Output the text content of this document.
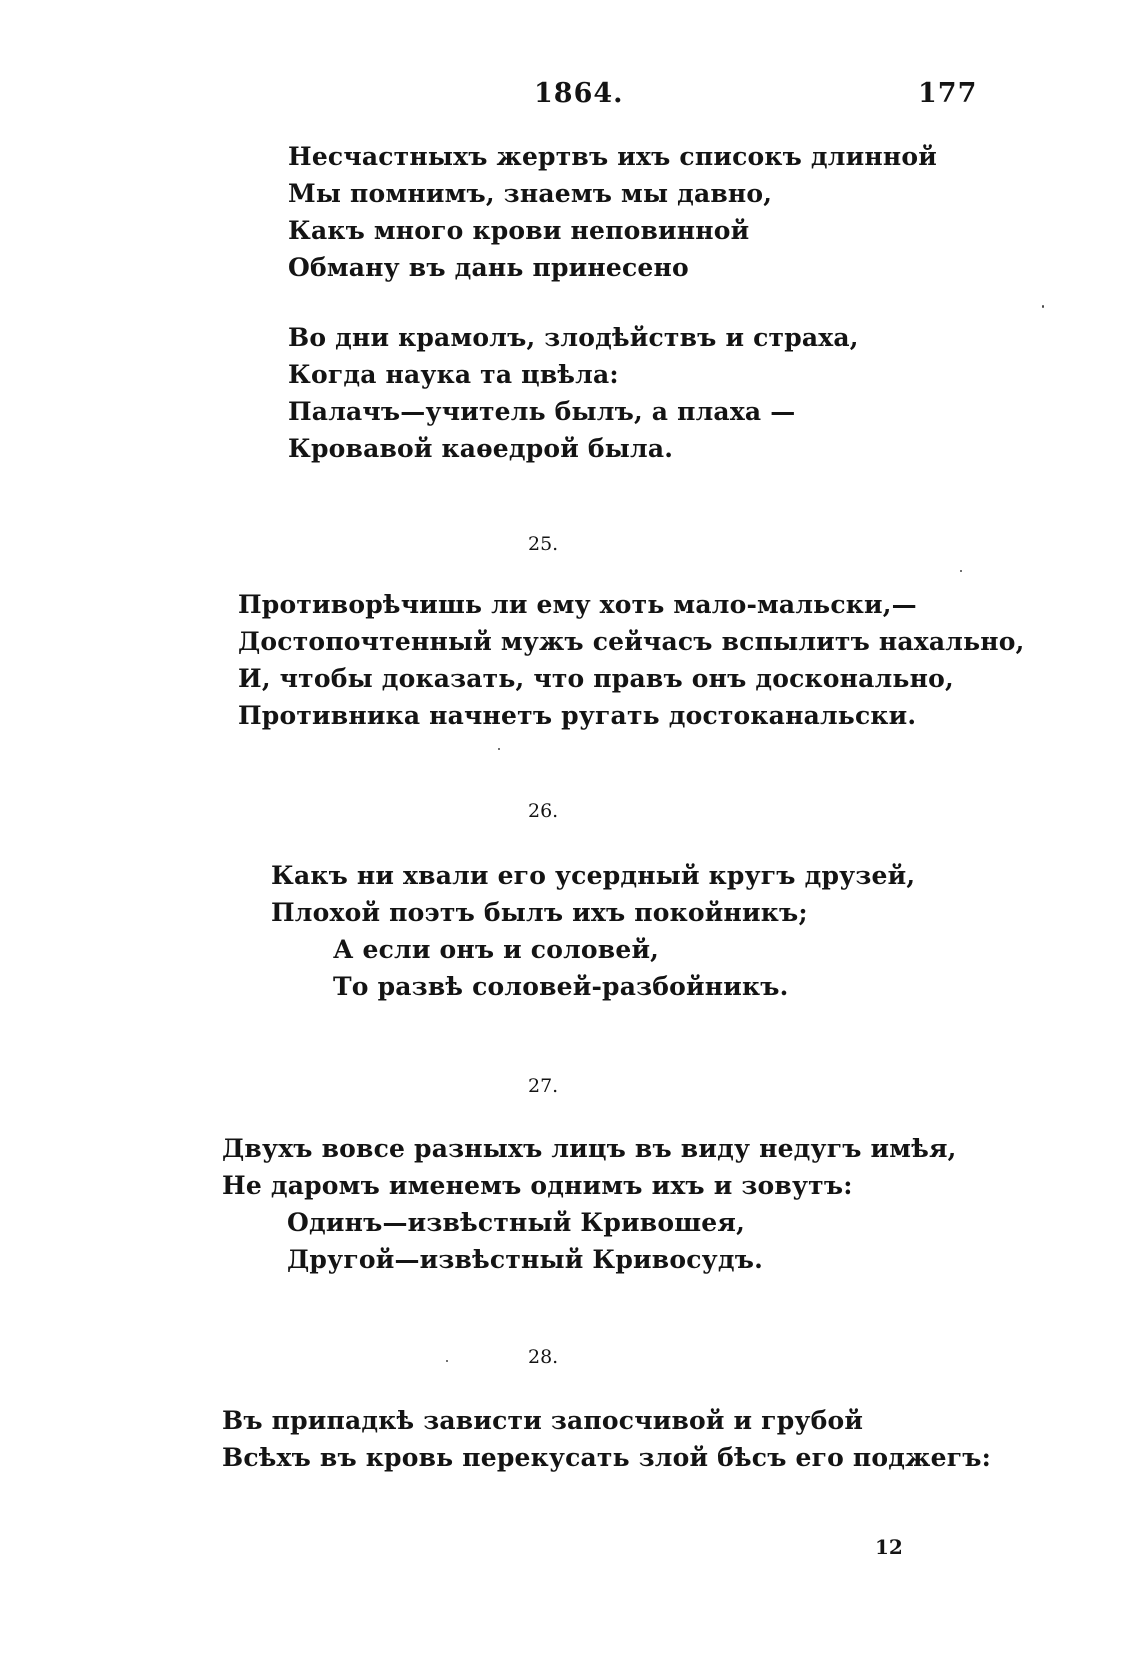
1864.	177
Несчастныхъ жертвъ ихъ списокъ длинной
Мы помнимъ, знаемъ мы давно,
Какъ много крови неповинной
Обману въ дань принесено
Во дни крамолъ, злодѣйствъ и страха,
Когда наука та цвѣла:
Палачъ—учитель былъ, а плаха —
Кровавой каѳедрой была.
25.
Противорѣчишь ли ему хоть мало-мальски,—
Достопочтенный мужъ сейчасъ вспылитъ нахально,
И, чтобы доказать, что правъ онъ досконально,
Противника начнетъ ругать достоканальски.
26.
Какъ ни хвали его усердный кругъ друзей,
Плохой поэтъ былъ ихъ покойникъ;
А если онъ и соловей,
То развѣ соловей-разбойникъ.
27.
Двухъ вовсе разныхъ лицъ въ виду недугъ имѣя,
Не даромъ именемъ однимъ ихъ и зовутъ:
Одинъ—извѣстный Кривошея,
Другой—извѣстный Кривосудъ.
28.
Въ припадкѣ зависти запосчивой и грубой
Всѣхъ въ кровь перекусать злой бѣсъ его поджегъ:
12
